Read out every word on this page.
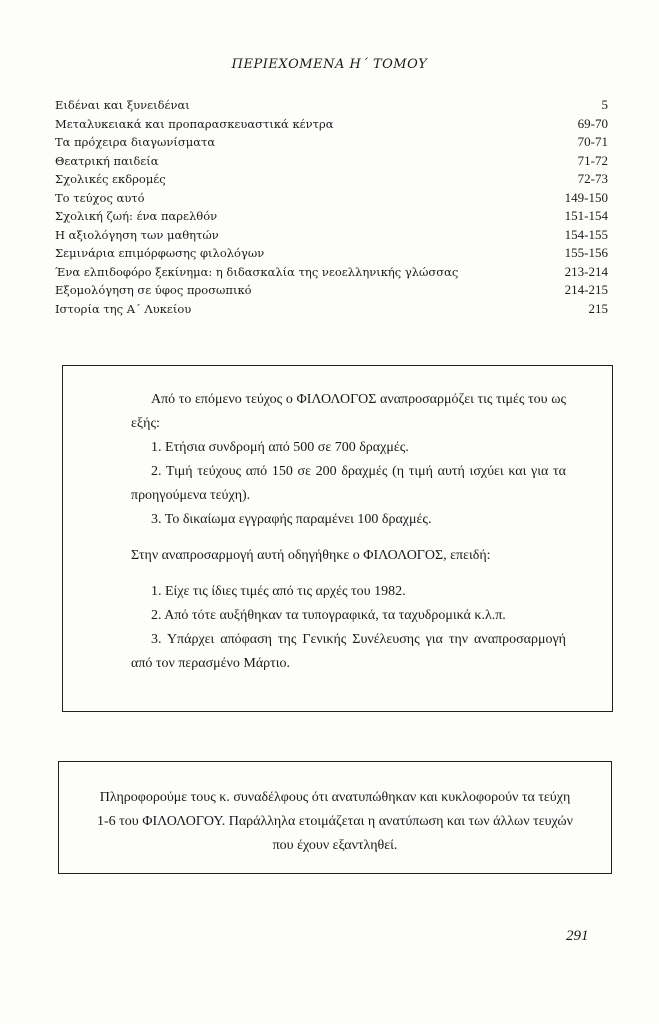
ΠΕΡΙΕΧΟΜΕΝΑ Η΄ ΤΟΜΟΥ
Ειδέναι και ξυνειδέναι	5
Μεταλυκειακά και προπαρασκευαστικά κέντρα	69-70
Τα πρόχειρα διαγωνίσματα	70-71
Θεατρική παιδεία	71-72
Σχολικές εκδρομές	72-73
Το τεύχος αυτό	149-150
Σχολική ζωή: ένα παρελθόν	151-154
Η αξιολόγηση των μαθητών	154-155
Σεμινάρια επιμόρφωσης φιλολόγων	155-156
Ένα ελπιδοφόρο ξεκίνημα: η διδασκαλία της νεοελληνικής γλώσσας	213-214
Εξομολόγηση σε ύφος προσωπικό	214-215
Ιστορία της Α΄ Λυκείου	215

Από το επόμενο τεύχος ο ΦΙΛΟΛΟΓΟΣ αναπροσαρμόζει τις τιμές του ως εξής:

1. Ετήσια συνδρομή από 500 σε 700 δραχμές.

2. Τιμή τεύχους από 150 σε 200 δραχμές (η τιμή αυτή ισχύει και για τα προηγούμενα τεύχη).

3. Το δικαίωμα εγγραφής παραμένει 100 δραχμές.

Στην αναπροσαρμογή αυτή οδηγήθηκε ο ΦΙΛΟΛΟΓΟΣ, επειδή:

1. Είχε τις ίδιες τιμές από τις αρχές του 1982.

2. Από τότε αυξήθηκαν τα τυπογραφικά, τα ταχυδρομικά κ.λ.π.

3. Υπάρχει απόφαση της Γενικής Συνέλευσης για την αναπροσαρμογή από τον περασμένο Μάρτιο.

Πληροφορούμε τους κ. συναδέλφους ότι ανατυπώθηκαν και κυκλοφορούν τα τεύχη 1-6 του ΦΙΛΟΛΟΓΟΥ. Παράλληλα ετοιμάζεται η ανατύπωση και των άλλων τευχών που έχουν εξαντληθεί.

291
